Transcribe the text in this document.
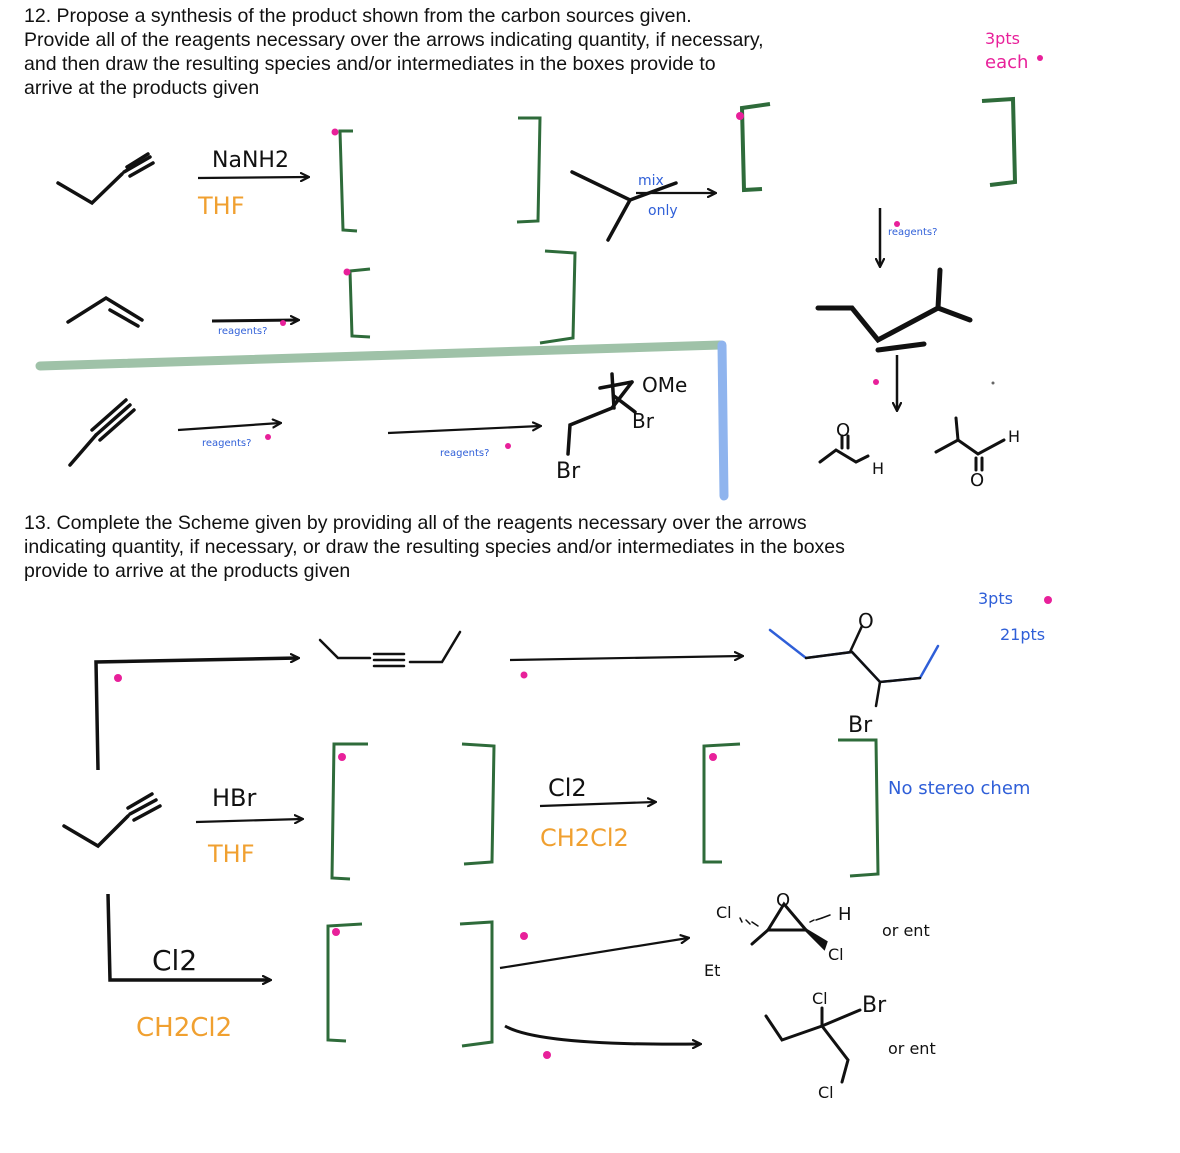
12. Propose a synthesis of the product shown from the carbon sources given.

Provide all of the reagents necessary over the arrows indicating quantity, if necessary,

and then draw the resulting species and/or intermediates in the boxes provide to

arrive at the products given

13. Complete the Scheme given by providing all of the reagents necessary over the arrows

indicating quantity, if necessary, or draw the resulting species and/or intermediates in the boxes

provide to arrive at the products given

NaNH2
THF
mix
only
reagents?
reagents?
reagents?
OMe
Br
Br
reagents?
O
H
O
H
3pts
each
3pts
21pts
O
Br
No stereo chem
HBr
THF
Cl2
CH2Cl2
Cl2
CH2Cl2
O
Cl	H
Cl
Et
or ent
Cl Br
Cl
or ent
reagents?
